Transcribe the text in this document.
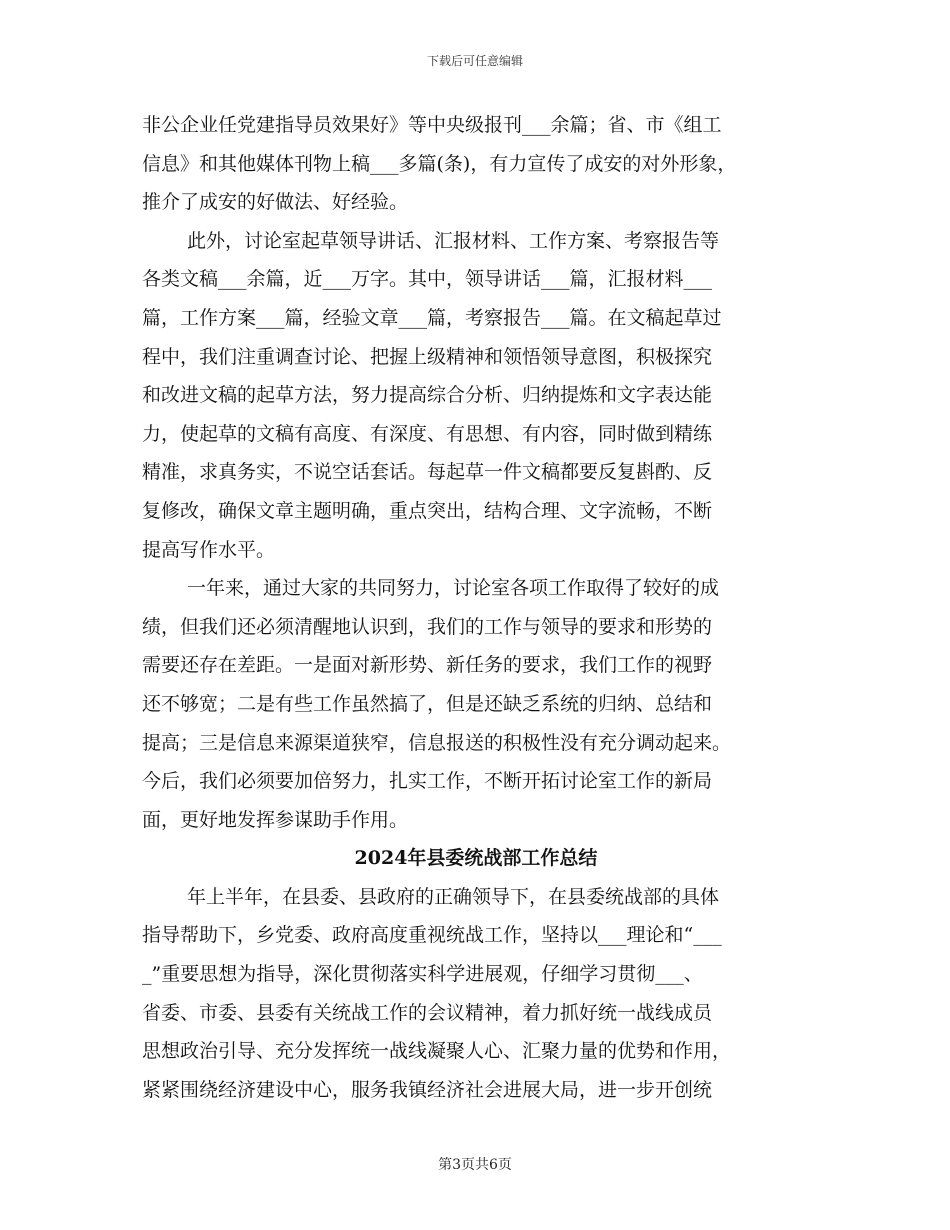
下载后可任意编辑
非公企业任党建指导员效果好》等中央级报刊___余篇；省、市《组工
信息》和其他媒体刊物上稿___多篇(条)，有力宣传了成安的对外形象，
推介了成安的好做法、好经验。
此外，讨论室起草领导讲话、汇报材料、工作方案、考察报告等
各类文稿___余篇，近___万字。其中，领导讲话___篇，汇报材料___
篇，工作方案___篇，经验文章___篇，考察报告___篇。在文稿起草过
程中，我们注重调查讨论、把握上级精神和领悟领导意图，积极探究
和改进文稿的起草方法，努力提高综合分析、归纳提炼和文字表达能
力，使起草的文稿有高度、有深度、有思想、有内容，同时做到精练
精准，求真务实，不说空话套话。每起草一件文稿都要反复斟酌、反
复修改，确保文章主题明确，重点突出，结构合理、文字流畅，不断
提高写作水平。
一年来，通过大家的共同努力，讨论室各项工作取得了较好的成
绩，但我们还必须清醒地认识到，我们的工作与领导的要求和形势的
需要还存在差距。一是面对新形势、新任务的要求，我们工作的视野
还不够宽；二是有些工作虽然搞了，但是还缺乏系统的归纳、总结和
提高；三是信息来源渠道狭窄，信息报送的积极性没有充分调动起来。
今后，我们必须要加倍努力，扎实工作，不断开拓讨论室工作的新局
面，更好地发挥参谋助手作用。
2024年县委统战部工作总结
年上半年，在县委、县政府的正确领导下，在县委统战部的具体
指导帮助下，乡党委、政府高度重视统战工作，坚持以___理论和“___
_”重要思想为指导，深化贯彻落实科学进展观，仔细学习贯彻___、
省委、市委、县委有关统战工作的会议精神，着力抓好统一战线成员
思想政治引导、充分发挥统一战线凝聚人心、汇聚力量的优势和作用，
紧紧围绕经济建设中心，服务我镇经济社会进展大局，进一步开创统
第3页共6页
